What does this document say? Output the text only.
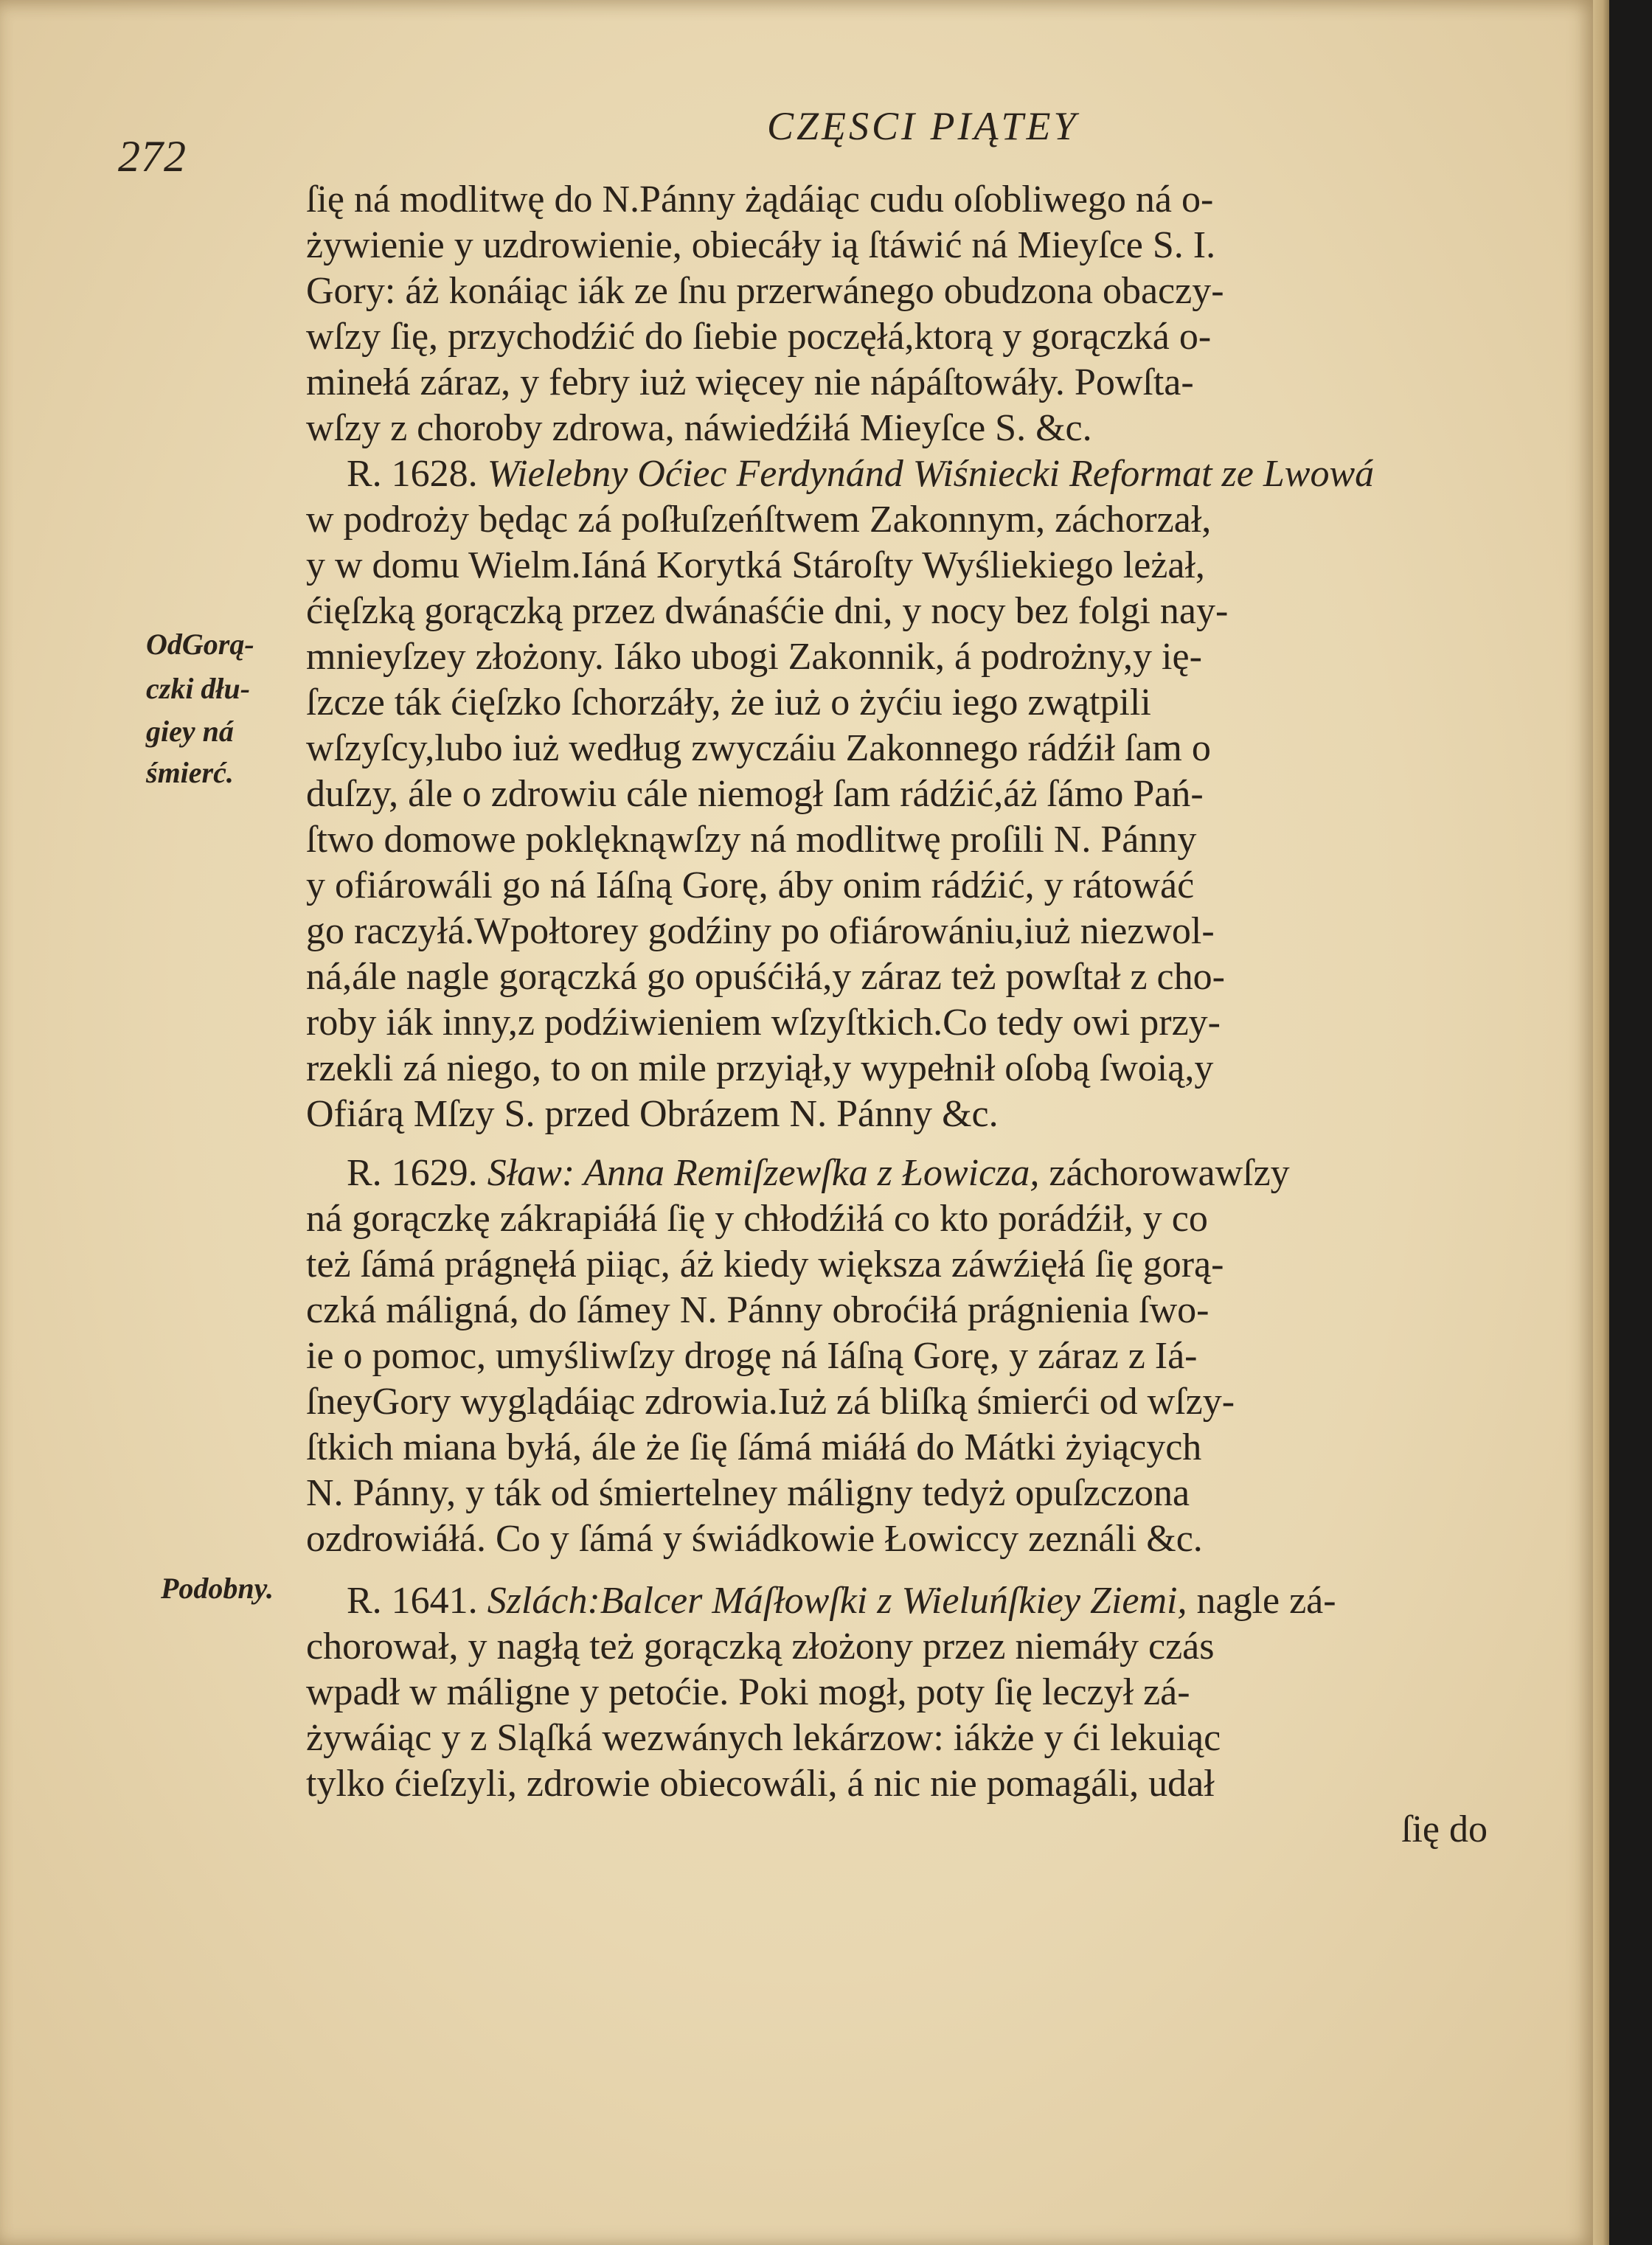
272
CZĘSCI PIĄTEY
ſię ná modlitwę do N.Pánny żądáiąc cudu oſobliwego ná o-
żywienie y uzdrowienie, obiecáły ią ſtáwić ná Mieyſce S. I.
Gory: áż konáiąc iák ze ſnu przerwánego obudzona obaczy-
wſzy ſię, przychodźić do ſiebie poczęłá,ktorą y gorączká o-
minełá záraz, y febry iuż więcey nie nápáſtowáły. Powſta-
wſzy z choroby zdrowa, náwiedźiłá Mieyſce S. &c.
R. 1628. Wielebny Oćiec Ferdynánd Wiśniecki Reformat ze Lwowá
w podroży będąc zá poſłuſzeńſtwem Zakonnym, záchorzał,
y w domu Wielm.Iáná Korytká Stároſty Wyśliekiego leżał,
ćięſzką gorączką przez dwánaśćie dni, y nocy bez folgi nay-
mnieyſzey złożony. Iáko ubogi Zakonnik, á podrożny,y ię-
ſzcze ták ćięſzko ſchorzáły, że iuż o żyćiu iego zwątpili
wſzyſcy,lubo iuż według zwyczáiu Zakonnego rádźił ſam o
duſzy, ále o zdrowiu cále niemogł ſam rádźić,áż ſámo Pań-
ſtwo domowe poklęknąwſzy ná modlitwę proſili N. Pánny
y ofiárowáli go ná Iáſną Gorę, áby onim rádźić, y rátowáć
go raczyłá.Wpołtorey godźiny po ofiárowániu,iuż niezwol-
ná,ále nagle gorączká go opuśćiłá,y záraz też powſtał z cho-
roby iák inny,z podźiwieniem wſzyſtkich.Co tedy owi przy-
rzekli zá niego, to on mile przyiął,y wypełnił oſobą ſwoią,y
Ofiárą Mſzy S. przed Obrázem N. Pánny &c.
R. 1629. Sław: Anna Remiſzewſka z Łowicza, záchorowawſzy
ná gorączkę zákrapiáłá ſię y chłodźiłá co kto porádźił, y co
też ſámá prágnęłá piiąc, áż kiedy większa záwźięłá ſię gorą-
czká máligná, do ſámey N. Pánny obroćiłá prágnienia ſwo-
ie o pomoc, umyśliwſzy drogę ná Iáſną Gorę, y záraz z Iá-
ſneyGory wyglądáiąc zdrowia.Iuż zá bliſką śmierći od wſzy-
ſtkich miana byłá, ále że ſię ſámá miáłá do Mátki żyiących
N. Pánny, y ták od śmiertelney máligny tedyż opuſzczona
ozdrowiáłá. Co y ſámá y świádkowie Łowiccy zeználi &c.
R. 1641. Szlách:Balcer Máſłowſki z Wieluńſkiey Ziemi, nagle zá-
chorował, y nagłą też gorączką złożony przez niemáły czás
wpadł w máligne y petoćie. Poki mogł, poty ſię leczył zá-
żywáiąc y z Sląſká wezwánych lekárzow: iákże y ći lekuiąc
tylko ćieſzyli, zdrowie obiecowáli, á nic nie pomagáli, udał
ſię do
OdGorą-
czki dłu-
giey ná
śmierć.
Podobny.
